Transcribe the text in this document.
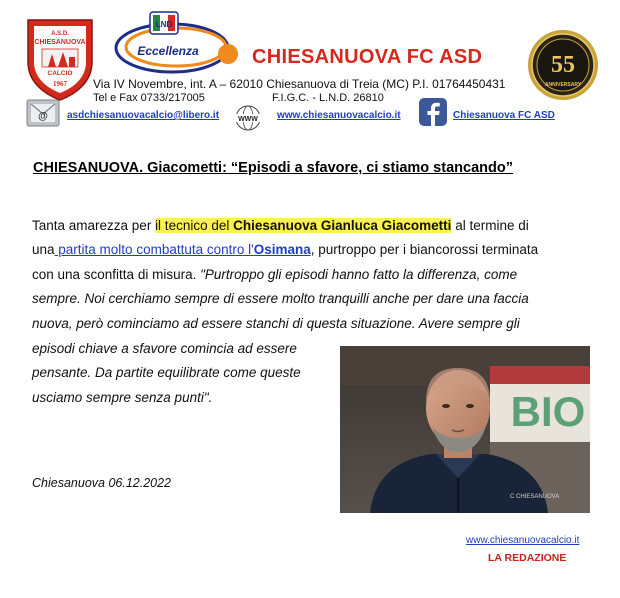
A.S.D.
CHIESANUOVA
CALCIO
1967
LND
Eccellenza
55
ANNIVERSARY
CHIESANUOVA FC ASD
Via IV Novembre, int. A – 62010 Chiesanuova di Treia (MC) P.I. 01764450431
Tel e Fax 0733/217005	F.I.G.C. - L.N.D. 26810
@ asdchiesanuovacalcio@libero.it	WWW www.chiesanuovacalcio.it	Chiesanuova FC ASD
CHIESANUOVA. Giacometti: “Episodi a sfavore, ci stiamo stancando”
Tanta amarezza per il tecnico del Chiesanuova Gianluca Giacometti al termine di
una partita molto combattuta contro l'Osimana, purtroppo per i biancorossi terminata
con una sconfitta di misura. "Purtroppo gli episodi hanno fatto la differenza, come
sempre. Noi cerchiamo sempre di essere molto tranquilli anche per dare una faccia
nuova, però cominciamo ad essere stanchi di questa situazione. Avere sempre gli
episodi chiave a sfavore comincia ad essere
pensante. Da partite equilibrate come queste
usciamo sempre senza punti".	BIO
C CHIESANUOVA
Chiesanuova 06.12.2022
www.chiesanuovacalcio.it
LA REDAZIONE
